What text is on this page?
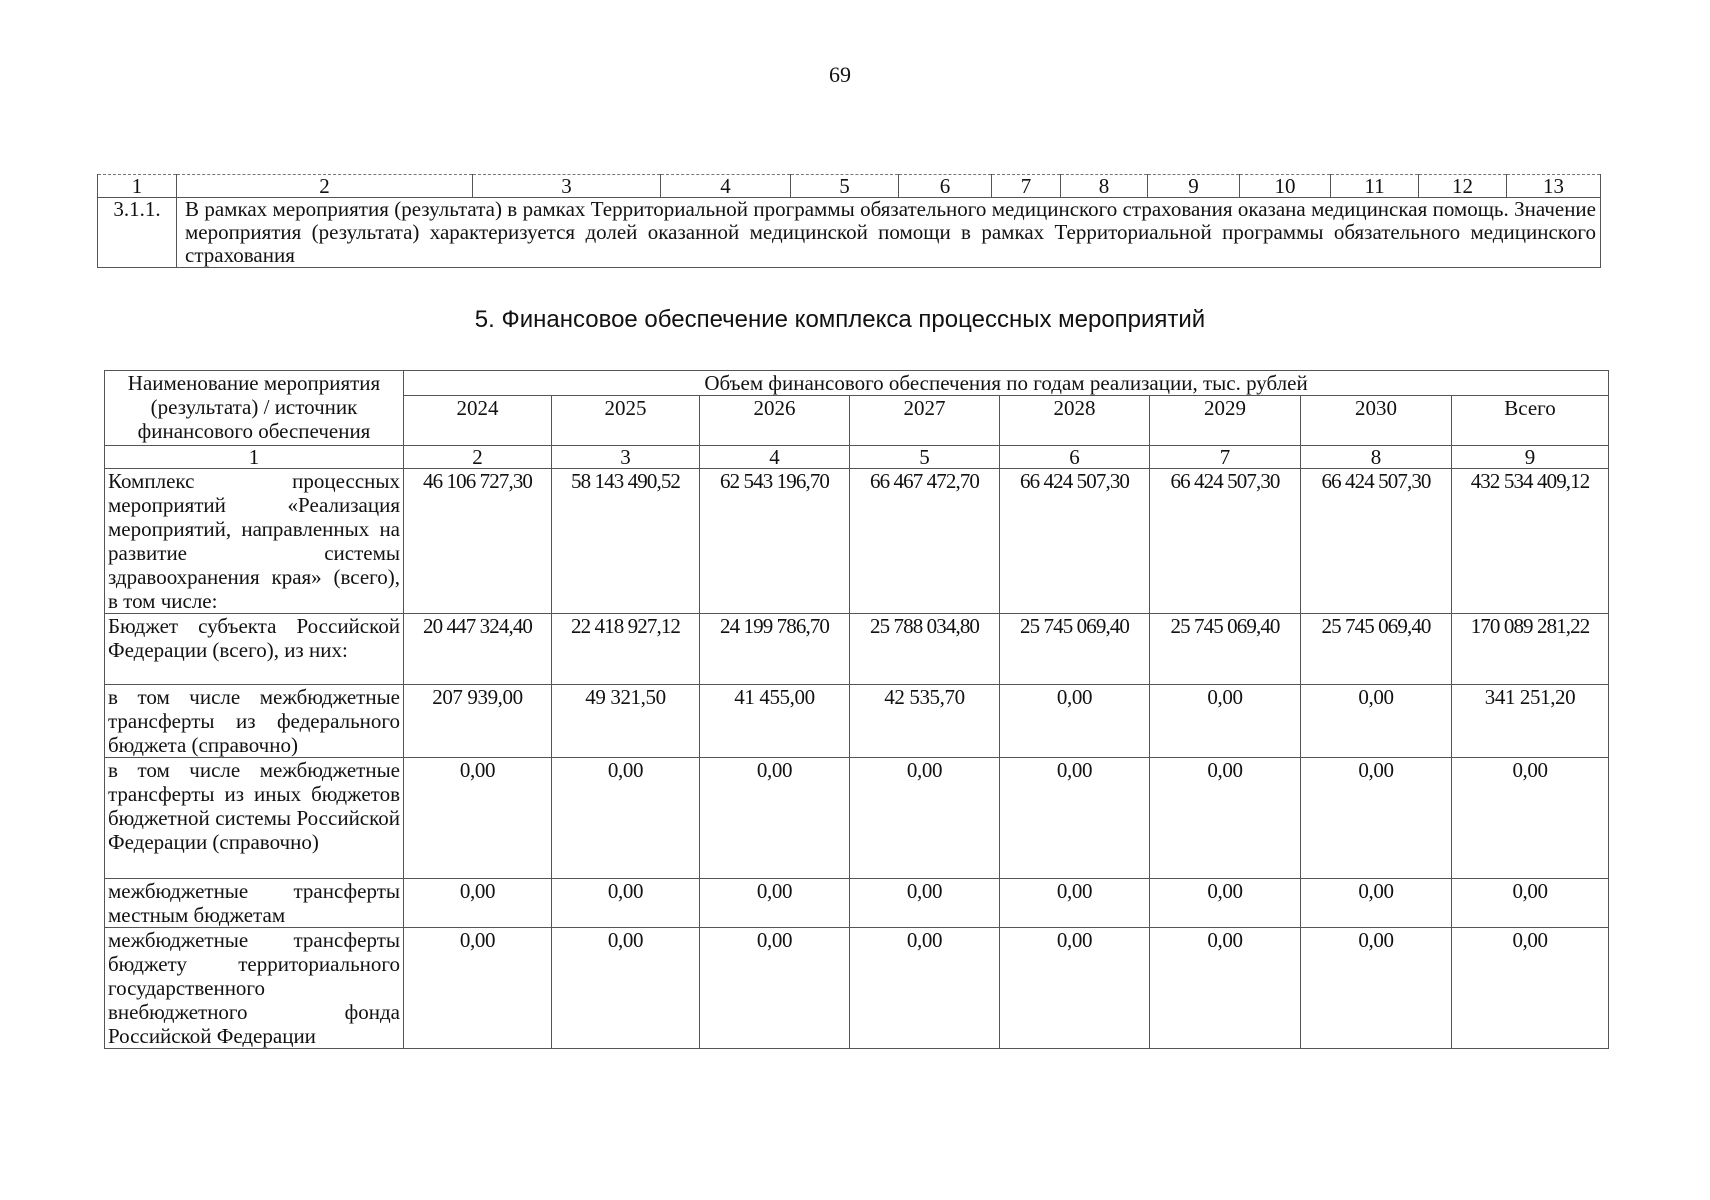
69
1	2	3	4	5	6	7	8	9	10	11	12	13
3.1.1.	В рамках мероприятия (результата) в рамках Территориальной программы обязательного медицинского страхования оказана медицинская помощь. Значение мероприятия (результата) характеризуется долей оказанной медицинской помощи в рамках Территориальной программы обязательного медицинского страхования											
5. Финансовое обеспечение комплекса процессных мероприятий
Наименование мероприятия (результата) / источник финансового обеспечения	Объем финансового обеспечения по годам реализации, тыс. рублей							
	2024	2025	2026	2027	2028	2029	2030	Всего
1	2	3	4	5	6	7	8	9
Комплекс процессных мероприятий «Реализация мероприятий, направленных на развитие системы здравоохранения края» (всего), в том числе:	46 106 727,30	58 143 490,52	62 543 196,70	66 467 472,70	66 424 507,30	66 424 507,30	66 424 507,30	432 534 409,12
Бюджет субъекта Российской Федерации (всего), из них:	20 447 324,40	22 418 927,12	24 199 786,70	25 788 034,80	25 745 069,40	25 745 069,40	25 745 069,40	170 089 281,22
в том числе межбюджетные трансферты из федерального бюджета (справочно)	207 939,00	49 321,50	41 455,00	42 535,70	0,00	0,00	0,00	341 251,20
в том числе межбюджетные трансферты из иных бюджетов бюджетной системы Российской Федерации (справочно)	0,00	0,00	0,00	0,00	0,00	0,00	0,00	0,00
межбюджетные трансферты местным бюджетам	0,00	0,00	0,00	0,00	0,00	0,00	0,00	0,00
межбюджетные трансферты бюджету территориального государственного внебюджетного фонда Российской Федерации	0,00	0,00	0,00	0,00	0,00	0,00	0,00	0,00
